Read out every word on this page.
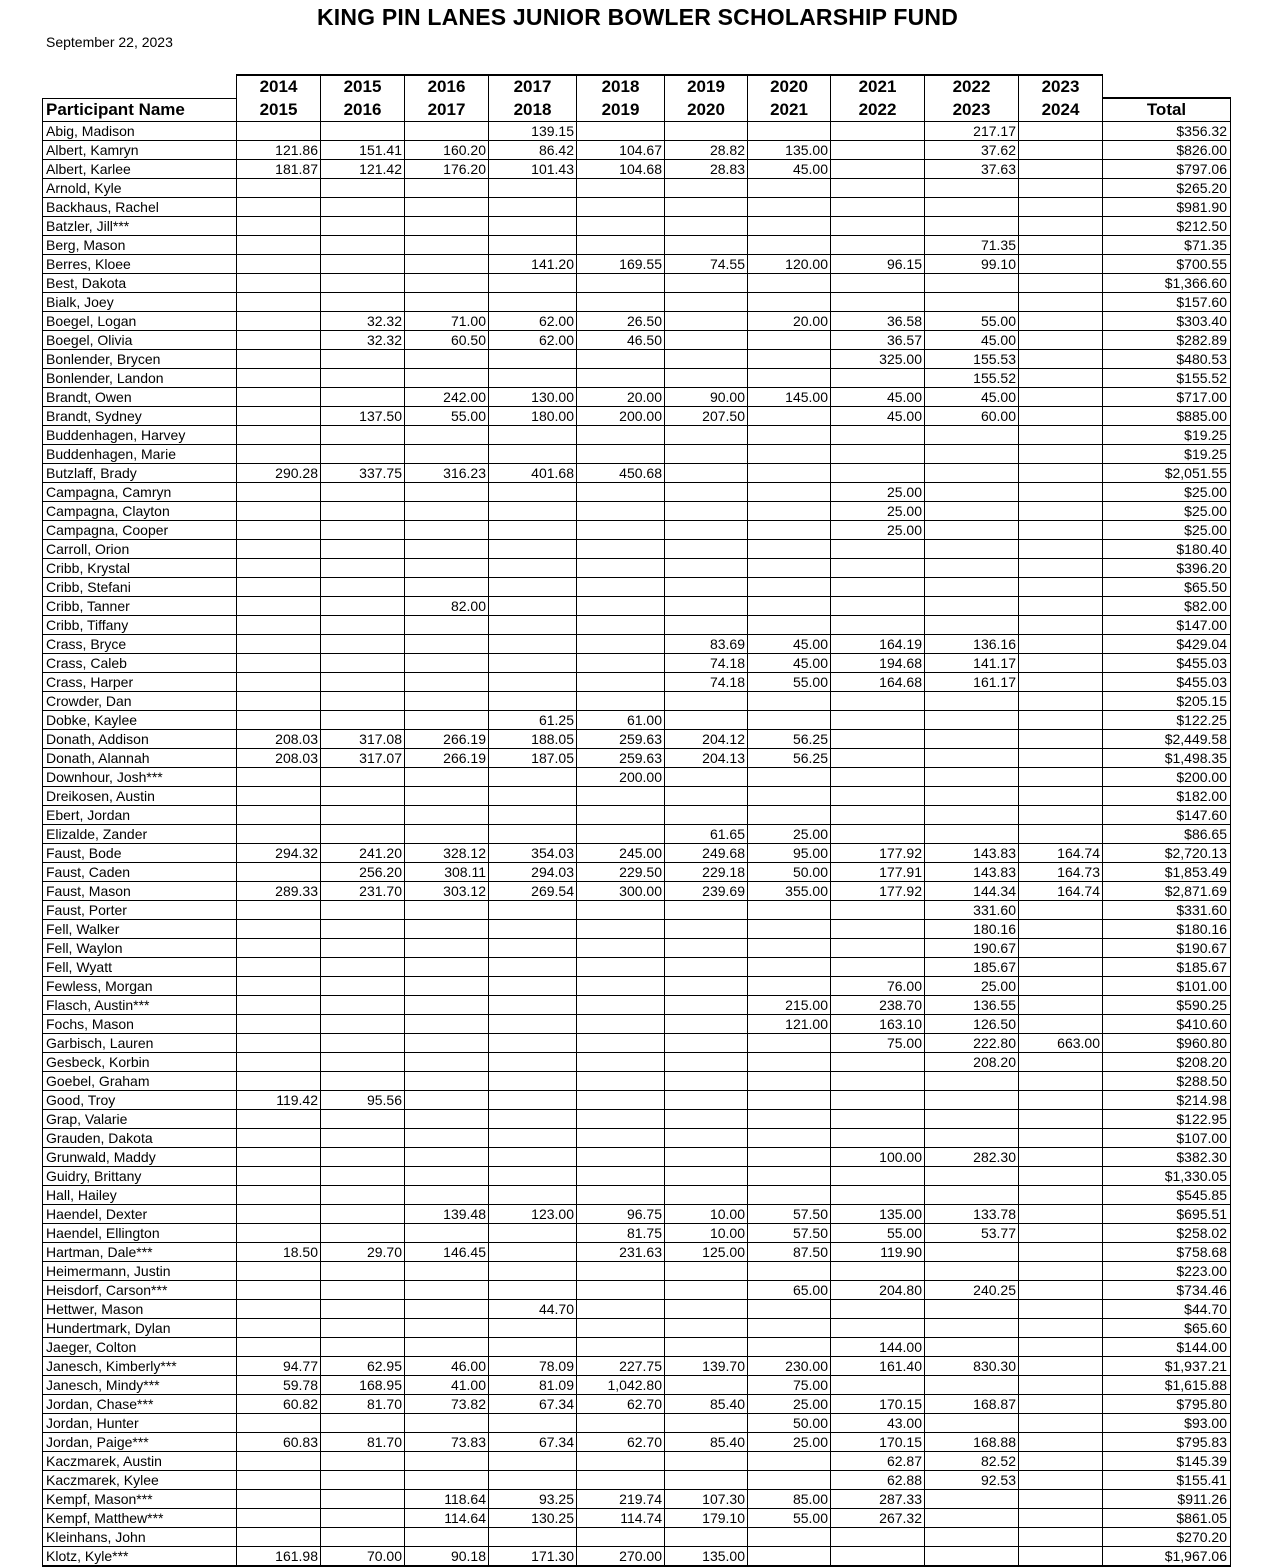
KING PIN LANES JUNIOR BOWLER SCHOLARSHIP FUND
September 22, 2023
	2014	2015	2016	2017	2018	2019	2020	2021	2022	2023	
Participant Name	2015	2016	2017	2018	2019	2020	2021	2022	2023	2024	Total
Abig, Madison				139.15					217.17		$356.32
Albert, Kamryn	121.86	151.41	160.20	86.42	104.67	28.82	135.00		37.62		$826.00
Albert, Karlee	181.87	121.42	176.20	101.43	104.68	28.83	45.00		37.63		$797.06
Arnold, Kyle											$265.20
Backhaus, Rachel											$981.90
Batzler, Jill***											$212.50
Berg, Mason									71.35		$71.35
Berres, Kloee				141.20	169.55	74.55	120.00	96.15	99.10		$700.55
Best, Dakota											$1,366.60
Bialk, Joey											$157.60
Boegel, Logan		32.32	71.00	62.00	26.50		20.00	36.58	55.00		$303.40
Boegel, Olivia		32.32	60.50	62.00	46.50			36.57	45.00		$282.89
Bonlender, Brycen								325.00	155.53		$480.53
Bonlender, Landon									155.52		$155.52
Brandt, Owen			242.00	130.00	20.00	90.00	145.00	45.00	45.00		$717.00
Brandt, Sydney		137.50	55.00	180.00	200.00	207.50		45.00	60.00		$885.00
Buddenhagen, Harvey											$19.25
Buddenhagen, Marie											$19.25
Butzlaff, Brady	290.28	337.75	316.23	401.68	450.68						$2,051.55
Campagna, Camryn								25.00			$25.00
Campagna, Clayton								25.00			$25.00
Campagna, Cooper								25.00			$25.00
Carroll, Orion											$180.40
Cribb, Krystal											$396.20
Cribb, Stefani											$65.50
Cribb, Tanner			82.00								$82.00
Cribb, Tiffany											$147.00
Crass, Bryce						83.69	45.00	164.19	136.16		$429.04
Crass, Caleb						74.18	45.00	194.68	141.17		$455.03
Crass, Harper						74.18	55.00	164.68	161.17		$455.03
Crowder, Dan											$205.15
Dobke, Kaylee				61.25	61.00						$122.25
Donath, Addison	208.03	317.08	266.19	188.05	259.63	204.12	56.25				$2,449.58
Donath, Alannah	208.03	317.07	266.19	187.05	259.63	204.13	56.25				$1,498.35
Downhour, Josh***					200.00						$200.00
Dreikosen, Austin											$182.00
Ebert, Jordan											$147.60
Elizalde, Zander						61.65	25.00				$86.65
Faust, Bode	294.32	241.20	328.12	354.03	245.00	249.68	95.00	177.92	143.83	164.74	$2,720.13
Faust, Caden		256.20	308.11	294.03	229.50	229.18	50.00	177.91	143.83	164.73	$1,853.49
Faust, Mason	289.33	231.70	303.12	269.54	300.00	239.69	355.00	177.92	144.34	164.74	$2,871.69
Faust, Porter									331.60		$331.60
Fell, Walker									180.16		$180.16
Fell, Waylon									190.67		$190.67
Fell, Wyatt									185.67		$185.67
Fewless, Morgan								76.00	25.00		$101.00
Flasch, Austin***							215.00	238.70	136.55		$590.25
Fochs, Mason							121.00	163.10	126.50		$410.60
Garbisch, Lauren								75.00	222.80	663.00	$960.80
Gesbeck, Korbin									208.20		$208.20
Goebel, Graham											$288.50
Good, Troy	119.42	95.56									$214.98
Grap, Valarie											$122.95
Grauden, Dakota											$107.00
Grunwald, Maddy								100.00	282.30		$382.30
Guidry, Brittany											$1,330.05
Hall, Hailey											$545.85
Haendel, Dexter			139.48	123.00	96.75	10.00	57.50	135.00	133.78		$695.51
Haendel, Ellington					81.75	10.00	57.50	55.00	53.77		$258.02
Hartman, Dale***	18.50	29.70	146.45		231.63	125.00	87.50	119.90			$758.68
Heimermann, Justin											$223.00
Heisdorf, Carson***							65.00	204.80	240.25		$734.46
Hettwer, Mason				44.70							$44.70
Hundertmark, Dylan											$65.60
Jaeger, Colton								144.00			$144.00
Janesch, Kimberly***	94.77	62.95	46.00	78.09	227.75	139.70	230.00	161.40	830.30		$1,937.21
Janesch, Mindy***	59.78	168.95	41.00	81.09	1,042.80		75.00				$1,615.88
Jordan, Chase***	60.82	81.70	73.82	67.34	62.70	85.40	25.00	170.15	168.87		$795.80
Jordan, Hunter							50.00	43.00			$93.00
Jordan, Paige***	60.83	81.70	73.83	67.34	62.70	85.40	25.00	170.15	168.88		$795.83
Kaczmarek, Austin								62.87	82.52		$145.39
Kaczmarek, Kylee								62.88	92.53		$155.41
Kempf, Mason***			118.64	93.25	219.74	107.30	85.00	287.33			$911.26
Kempf, Matthew***			114.64	130.25	114.74	179.10	55.00	267.32			$861.05
Kleinhans, John											$270.20
Klotz, Kyle***	161.98	70.00	90.18	171.30	270.00	135.00					$1,967.06
